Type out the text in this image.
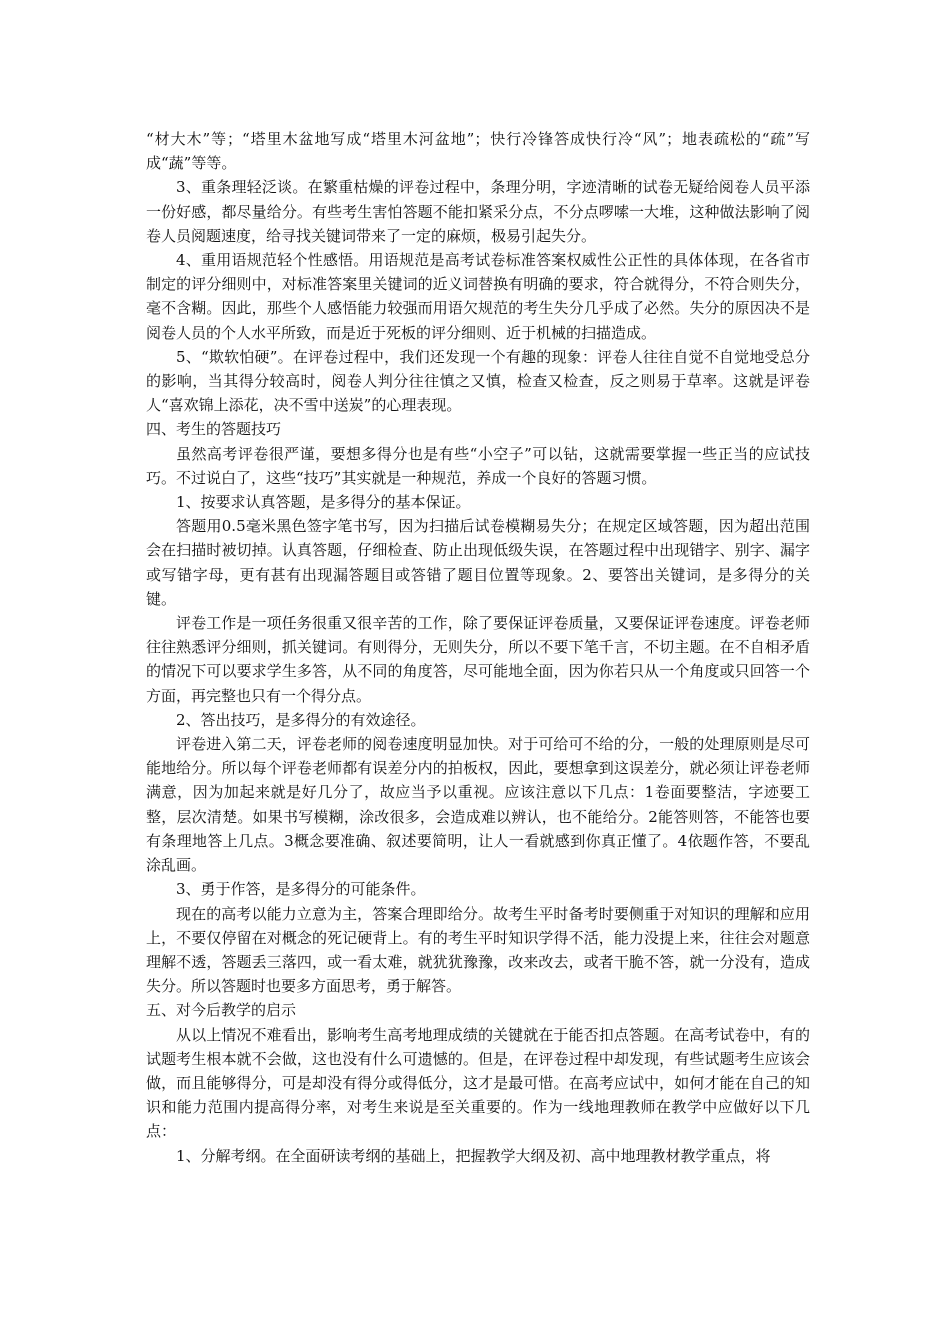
“材大木”等；“塔里木盆地写成“塔里木河盆地”；快行冷锋答成快行冷“风”；地表疏松的“疏”写成“蔬”等等。

3、重条理轻泛谈。在繁重枯燥的评卷过程中，条理分明，字迹清晰的试卷无疑给阅卷人员平添一份好感，都尽量给分。有些考生害怕答题不能扣紧采分点，不分点啰嗦一大堆，这种做法影响了阅卷人员阅题速度，给寻找关键词带来了一定的麻烦，极易引起失分。

4、重用语规范轻个性感悟。用语规范是高考试卷标准答案权威性公正性的具体体现，在各省市制定的评分细则中，对标准答案里关键词的近义词替换有明确的要求，符合就得分，不符合则失分，毫不含糊。因此，那些个人感悟能力较强而用语欠规范的考生失分几乎成了必然。失分的原因决不是阅卷人员的个人水平所致，而是近于死板的评分细则、近于机械的扫描造成。

5、“欺软怕硬”。在评卷过程中，我们还发现一个有趣的现象：评卷人往往自觉不自觉地受总分的影响，当其得分较高时，阅卷人判分往往慎之又慎，检查又检查，反之则易于草率。这就是评卷人“喜欢锦上添花，决不雪中送炭”的心理表现。

四、考生的答题技巧

虽然高考评卷很严谨，要想多得分也是有些“小空子”可以钻，这就需要掌握一些正当的应试技巧。不过说白了，这些“技巧”其实就是一种规范，养成一个良好的答题习惯。

1、按要求认真答题，是多得分的基本保证。

答题用0.5毫米黑色签字笔书写，因为扫描后试卷模糊易失分；在规定区域答题，因为超出范围会在扫描时被切掉。认真答题，仔细检查、防止出现低级失误，在答题过程中出现错字、别字、漏字或写错字母，更有甚有出现漏答题目或答错了题目位置等现象。2、要答出关键词，是多得分的关键。

评卷工作是一项任务很重又很辛苦的工作，除了要保证评卷质量，又要保证评卷速度。评卷老师往往熟悉评分细则，抓关键词。有则得分，无则失分，所以不要下笔千言，不切主题。在不自相矛盾的情况下可以要求学生多答，从不同的角度答，尽可能地全面，因为你若只从一个角度或只回答一个方面，再完整也只有一个得分点。

2、答出技巧，是多得分的有效途径。

评卷进入第二天，评卷老师的阅卷速度明显加快。对于可给可不给的分，一般的处理原则是尽可能地给分。所以每个评卷老师都有误差分内的拍板权，因此，要想拿到这误差分，就必须让评卷老师满意，因为加起来就是好几分了，故应当予以重视。应该注意以下几点：1卷面要整洁，字迹要工整，层次清楚。如果书写模糊，涂改很多，会造成难以辨认，也不能给分。2能答则答，不能答也要有条理地答上几点。3概念要准确、叙述要简明，让人一看就感到你真正懂了。4依题作答，不要乱涂乱画。

3、勇于作答，是多得分的可能条件。

现在的高考以能力立意为主，答案合理即给分。故考生平时备考时要侧重于对知识的理解和应用上，不要仅停留在对概念的死记硬背上。有的考生平时知识学得不活，能力没提上来，往往会对题意理解不透，答题丢三落四，或一看太难，就犹犹豫豫，改来改去，或者干脆不答，就一分没有，造成失分。所以答题时也要多方面思考，勇于解答。

五、对今后教学的启示

从以上情况不难看出，影响考生高考地理成绩的关键就在于能否扣点答题。在高考试卷中，有的试题考生根本就不会做，这也没有什么可遗憾的。但是，在评卷过程中却发现，有些试题考生应该会做，而且能够得分，可是却没有得分或得低分，这才是最可惜。在高考应试中，如何才能在自己的知识和能力范围内提高得分率，对考生来说是至关重要的。作为一线地理教师在教学中应做好以下几点：

1、分解考纲。在全面研读考纲的基础上，把握教学大纲及初、高中地理教材教学重点，将
